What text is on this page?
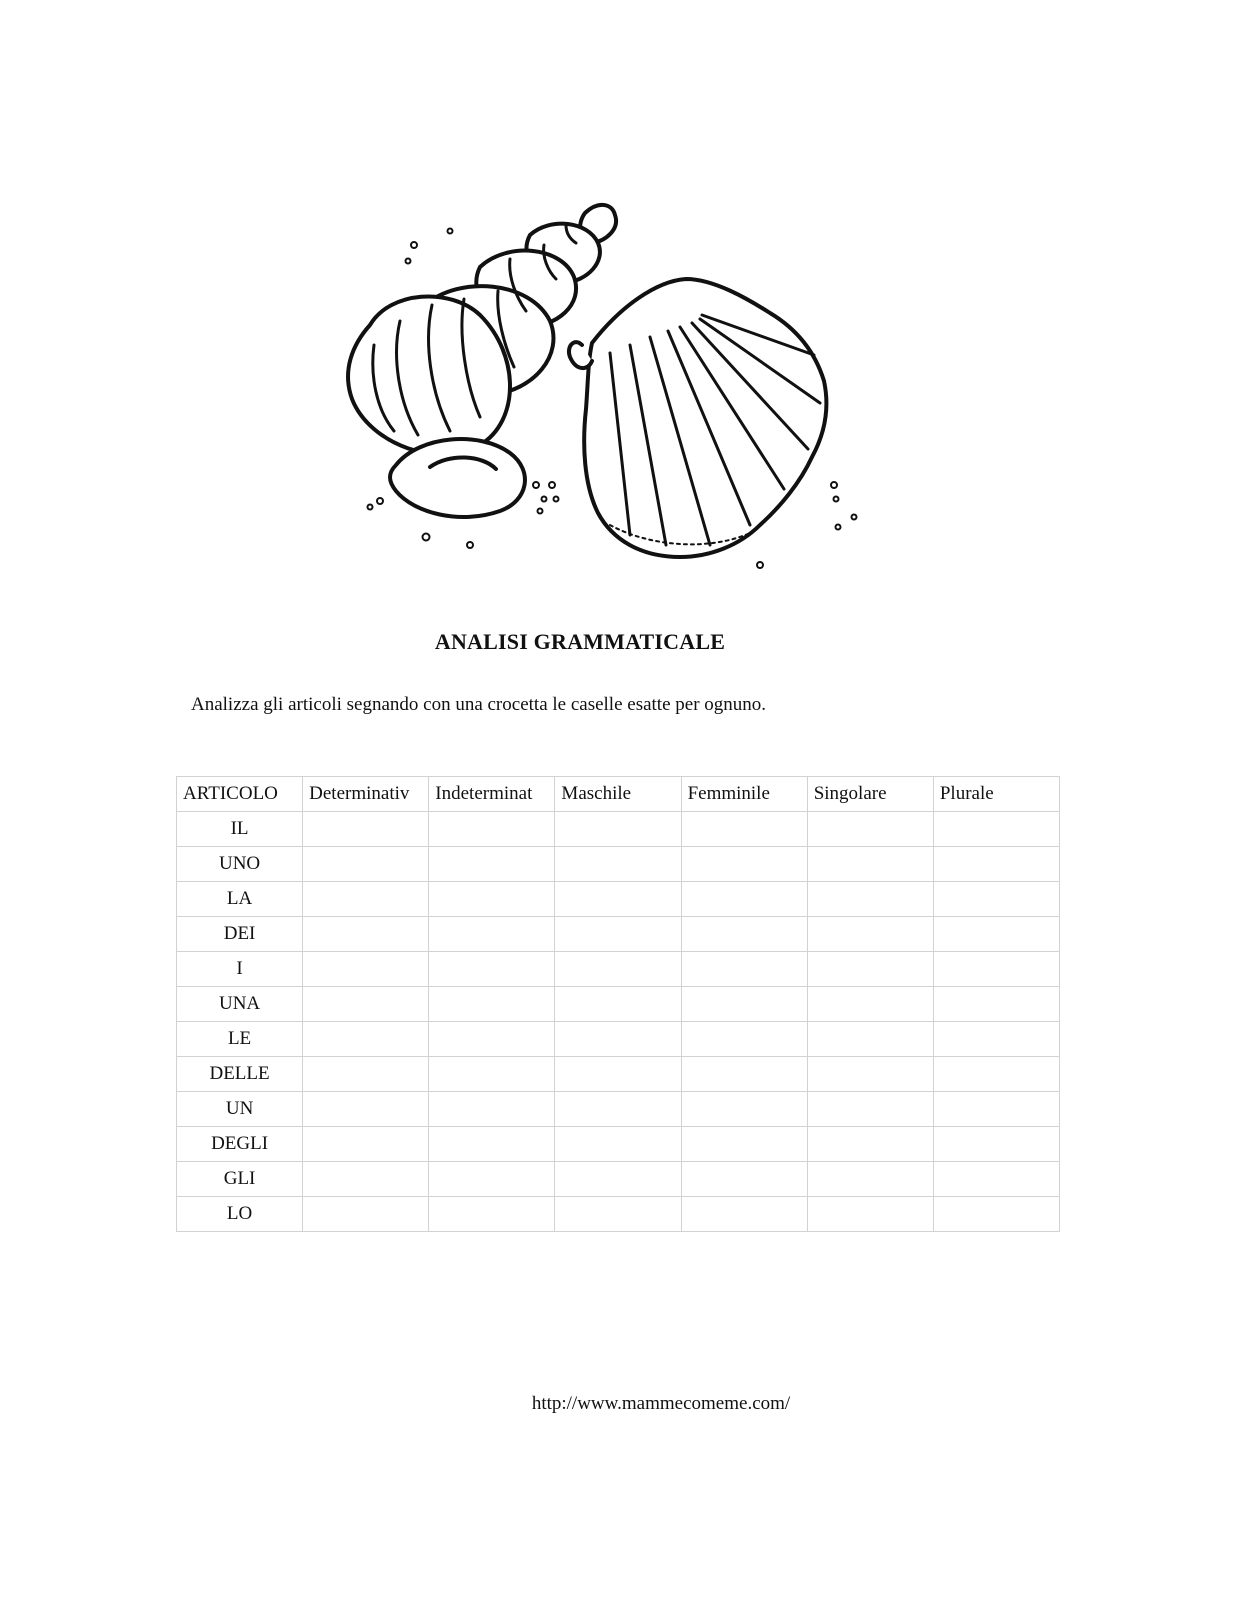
ANALISI GRAMMATICALE
Analizza gli articoli segnando con una crocetta le caselle esatte per ognuno.
ARTICOLO	Determinativ	Indeterminat	Maschile	Femminile	Singolare	Plurale
IL						
UNO						
LA						
DEI						
I						
UNA						
LE						
DELLE						
UN						
DEGLI						
GLI						
LO						
http://www.mammecomeme.com/
